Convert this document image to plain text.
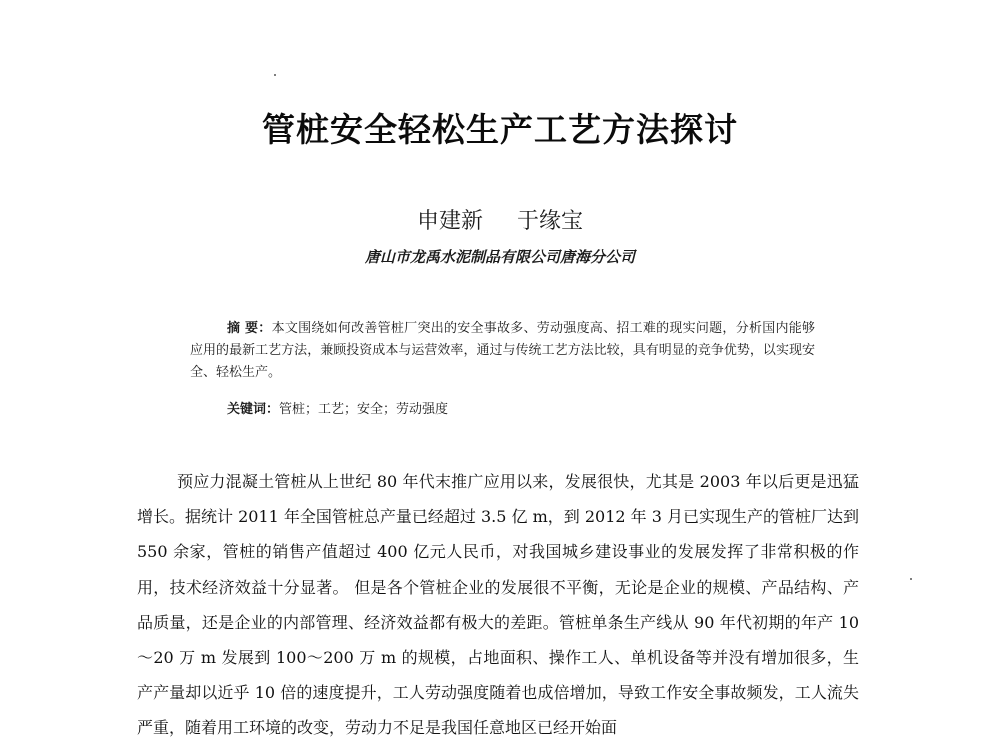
管桩安全轻松生产工艺方法探讨
申建新 于缘宝
唐山市龙禹水泥制品有限公司唐海分公司

摘 要：本文围绕如何改善管桩厂突出的安全事故多、劳动强度高、招工难的现实问题，分析国内能够应用的最新工艺方法，兼顾投资成本与运营效率，通过与传统工艺方法比较，具有明显的竞争优势，以实现安全、轻松生产。

关键词：管桩；工艺；安全；劳动强度

预应力混凝土管桩从上世纪 80 年代末推广应用以来，发展很快，尤其是 2003 年以后更是迅猛增长。据统计 2011 年全国管桩总产量已经超过 3.5 亿 m，到 2012 年 3 月已实现生产的管桩厂达到 550 余家，管桩的销售产值超过 400 亿元人民币，对我国城乡建设事业的发展发挥了非常积极的作用，技术经济效益十分显著。 但是各个管桩企业的发展很不平衡，无论是企业的规模、产品结构、产品质量，还是企业的内部管理、经济效益都有极大的差距。管桩单条生产线从 90 年代初期的年产 10～20 万 m 发展到 100～200 万 m 的规模，占地面积、操作工人、单机设备等并没有增加很多，生产产量却以近乎 10 倍的速度提升，工人劳动强度随着也成倍增加，导致工作安全事故频发，工人流失严重，随着用工环境的改变，劳动力不足是我国任意地区已经开始面
